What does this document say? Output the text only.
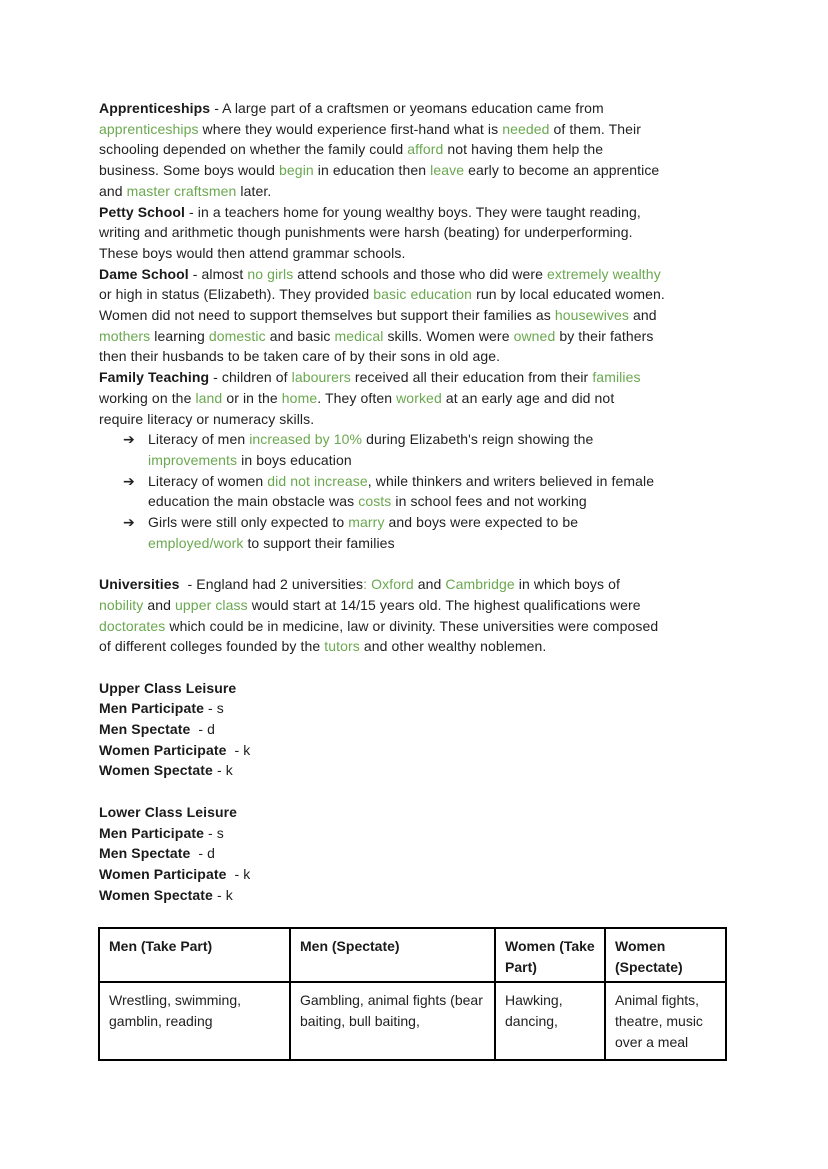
Apprenticeships - A large part of a craftsmen or yeomans education came from
apprenticeships where they would experience first-hand what is needed of them. Their
schooling depended on whether the family could afford not having them help the
business. Some boys would begin in education then leave early to become an apprentice
and master craftsmen later.
Petty School - in a teachers home for young wealthy boys. They were taught reading,
writing and arithmetic though punishments were harsh (beating) for underperforming.
These boys would then attend grammar schools.
Dame School - almost no girls attend schools and those who did were extremely wealthy
or high in status (Elizabeth). They provided basic education run by local educated women.
Women did not need to support themselves but support their families as housewives and
mothers learning domestic and basic medical skills. Women were owned by their fathers
then their husbands to be taken care of by their sons in old age.
Family Teaching - children of labourers received all their education from their families
working on the land or in the home. They often worked at an early age and did not
require literacy or numeracy skills.
➔ Literacy of men increased by 10% during Elizabeth's reign showing the
improvements in boys education
➔ Literacy of women did not increase, while thinkers and writers believed in female
education the main obstacle was costs in school fees and not working
➔ Girls were still only expected to marry and boys were expected to be
employed/work to support their families
Universities  - England had 2 universities: Oxford and Cambridge in which boys of
nobility and upper class would start at 14/15 years old. The highest qualifications were
doctorates which could be in medicine, law or divinity. These universities were composed
of different colleges founded by the tutors and other wealthy noblemen.
Upper Class Leisure
Men Participate - s
Men Spectate  - d
Women Participate  - k
Women Spectate - k
Lower Class Leisure
Men Participate - s
Men Spectate  - d
Women Participate  - k
Women Spectate - k
Men (Take Part)	Men (Spectate)	Women (Take Part)	Women (Spectate)
Wrestling, swimming, gamblin, reading	Gambling, animal fights (bear baiting, bull baiting,	Hawking, dancing,	Animal fights, theatre, music over a meal
